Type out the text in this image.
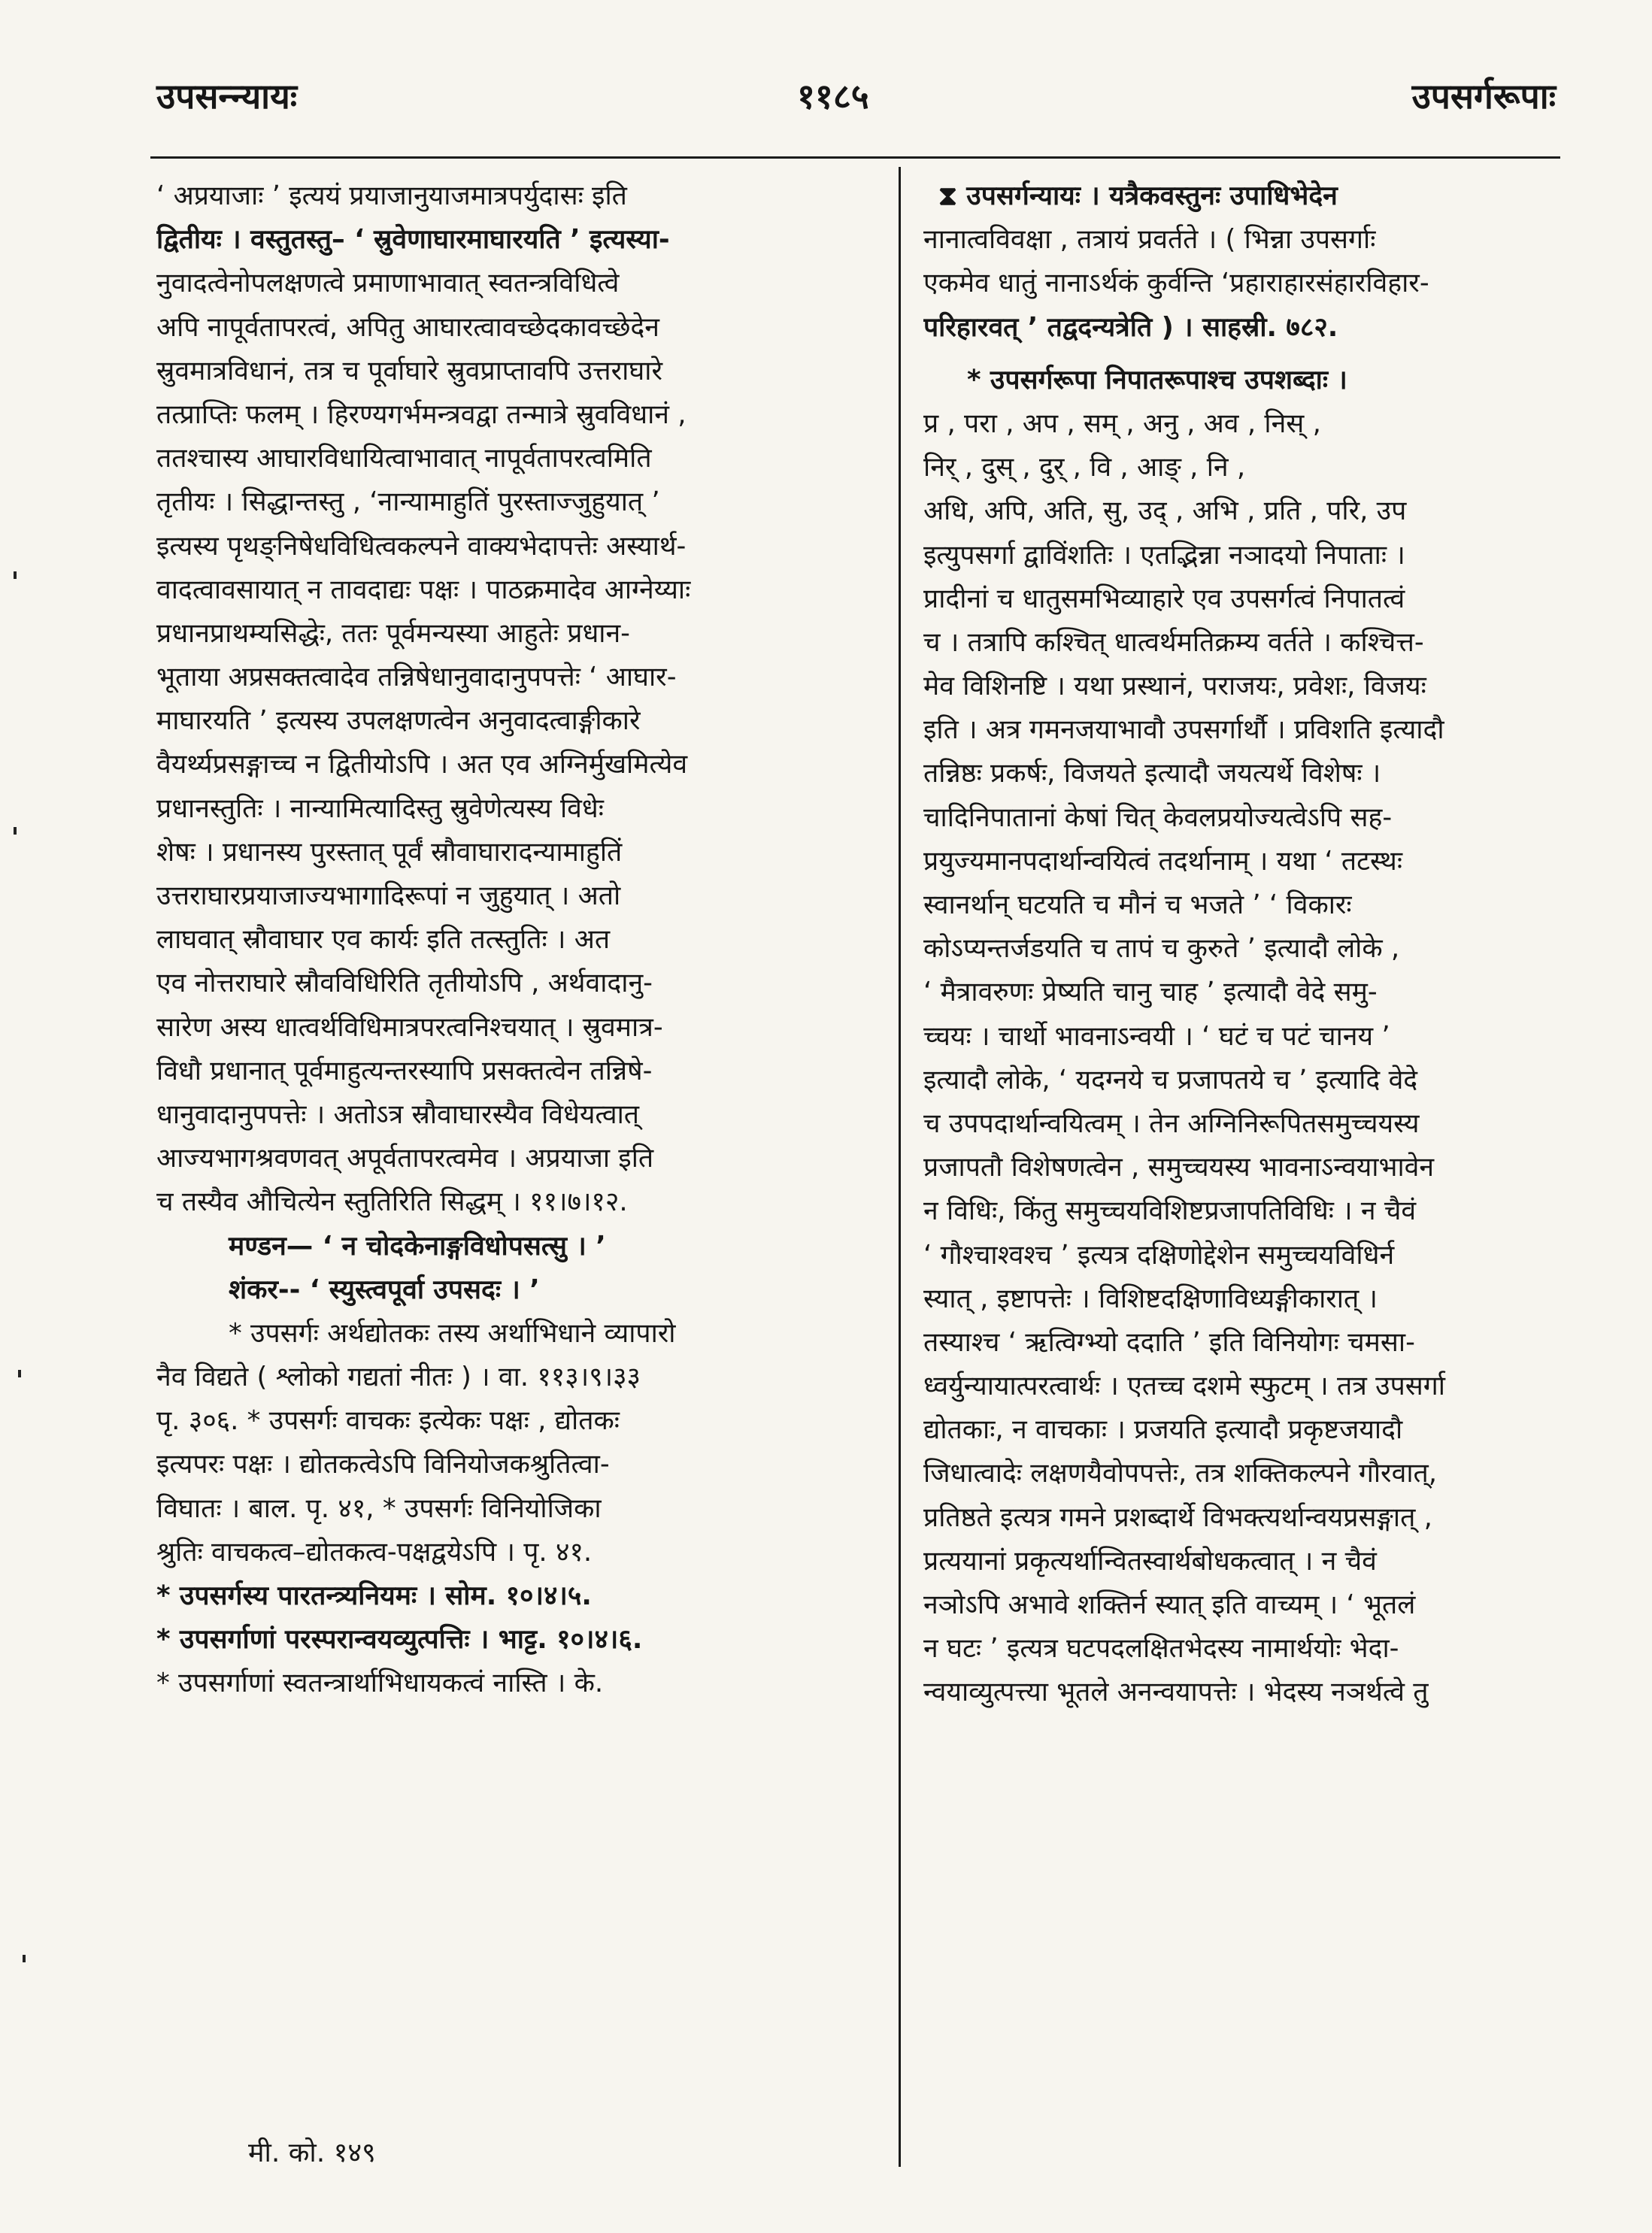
उपसन्न्यायः	११८५	उपसर्गरूपाः
‘ अप्रयाजाः ’ इत्ययं प्रयाजानुयाजमात्रपर्युदासः इति
द्वितीयः । वस्तुतस्तु– ‘ स्रुवेणाघारमाघारयति ’ इत्यस्या-
नुवादत्वेनोपलक्षणत्वे प्रमाणाभावात् स्वतन्त्रविधित्वे
अपि नापूर्वतापरत्वं, अपितु आघारत्वावच्छेदकावच्छेदेन
स्रुवमात्रविधानं, तत्र च पूर्वाघारे स्रुवप्राप्तावपि उत्तराघारे
तत्प्राप्तिः फलम् । हिरण्यगर्भमन्त्रवद्वा तन्मात्रे स्रुवविधानं ,
ततश्चास्य आघारविधायित्वाभावात् नापूर्वतापरत्वमिति
तृतीयः । सिद्धान्तस्तु , ‘नान्यामाहुतिं पुरस्ताज्जुहुयात् ’
इत्यस्य पृथङ्निषेधविधित्वकल्पने वाक्यभेदापत्तेः अस्यार्थ-
वादत्वावसायात् न तावदाद्यः पक्षः । पाठक्रमादेव आग्नेय्याः
प्रधानप्राथम्यसिद्धेः, ततः पूर्वमन्यस्या आहुतेः प्रधान-
भूताया अप्रसक्तत्वादेव तन्निषेधानुवादानुपपत्तेः ‘ आघार-
माघारयति ’ इत्यस्य उपलक्षणत्वेन अनुवादत्वाङ्गीकारे
वैयर्थ्यप्रसङ्गाच्च न द्वितीयोऽपि । अत एव अग्निर्मुखमित्येव
प्रधानस्तुतिः । नान्यामित्यादिस्तु स्रुवेणेत्यस्य विधेः
शेषः । प्रधानस्य पुरस्तात् पूर्वं स्रौवाघारादन्यामाहुतिं
उत्तराघारप्रयाजाज्यभागादिरूपां न जुहुयात् । अतो
लाघवात् स्रौवाघार एव कार्यः इति तत्स्तुतिः । अत
एव नोत्तराघारे स्रौवविधिरिति तृतीयोऽपि , अर्थवादानु-
सारेण अस्य धात्वर्थविधिमात्रपरत्वनिश्चयात् । स्रुवमात्र-
विधौ प्रधानात् पूर्वमाहुत्यन्तरस्यापि प्रसक्तत्वेन तन्निषे-
धानुवादानुपपत्तेः । अतोऽत्र स्रौवाघारस्यैव विधेयत्वात्
आज्यभागश्रवणवत् अपूर्वतापरत्वमेव । अप्रयाजा इति
च तस्यैव औचित्येन स्तुतिरिति सिद्धम् । ११।७।१२.
मण्डन— ‘ न चोदकेनाङ्गविधोपसत्सु । ’
शंकर-- ‘ स्युस्त्वपूर्वा उपसदः । ’
* उपसर्गः अर्थद्योतकः तस्य अर्थाभिधाने व्यापारो
नैव विद्यते ( श्लोको गद्यतां नीतः ) । वा. ११३।९।३३
पृ. ३०६. * उपसर्गः वाचकः इत्येकः पक्षः , द्योतकः
इत्यपरः पक्षः । द्योतकत्वेऽपि विनियोजकश्रुतित्वा-
विघातः । बाल. पृ. ४१, * उपसर्गः विनियोजिका
श्रुतिः वाचकत्व–द्योतकत्व-पक्षद्वयेऽपि । पृ. ४१.
* उपसर्गस्य पारतन्त्र्यनियमः । सोम. १०।४।५.
* उपसर्गाणां परस्परान्वयव्युत्पत्तिः । भाट्ट. १०।४।६.
* उपसर्गाणां स्वतन्त्रार्थाभिधायकत्वं नास्ति । के.
⧗ उपसर्गन्यायः । यत्रैकवस्तुनः उपाधिभेदेन
नानात्वविवक्षा , तत्रायं प्रवर्तते । ( भिन्ना उपसर्गाः
एकमेव धातुं नानाऽर्थकं कुर्वन्ति ‘प्रहाराहारसंहारविहार-
परिहारवत् ’ तद्वदन्यत्रेति ) । साहस्री. ७८२.
* उपसर्गरूपा निपातरूपाश्च उपशब्दाः ।
प्र , परा , अप , सम् , अनु , अव , निस् ,
निर् , दुस् , दुर् , वि , आङ् , नि ,
अधि, अपि, अति, सु, उद् , अभि , प्रति , परि, उप
इत्युपसर्गा द्वाविंशतिः । एतद्भिन्ना नञादयो निपाताः ।
प्रादीनां च धातुसमभिव्याहारे एव उपसर्गत्वं निपातत्वं
च । तत्रापि कश्चित् धात्वर्थमतिक्रम्य वर्तते । कश्चित्त-
मेव विशिनष्टि । यथा प्रस्थानं, पराजयः, प्रवेशः, विजयः
इति । अत्र गमनजयाभावौ उपसर्गार्थौ । प्रविशति इत्यादौ
तन्निष्ठः प्रकर्षः, विजयते इत्यादौ जयत्यर्थे विशेषः ।
चादिनिपातानां केषां चित् केवलप्रयोज्यत्वेऽपि सह-
प्रयुज्यमानपदार्थान्वयित्वं तदर्थानाम् । यथा ‘ तटस्थः
स्वानर्थान् घटयति च मौनं च भजते ’ ‘ विकारः
कोऽप्यन्तर्जडयति च तापं च कुरुते ’ इत्यादौ लोके ,
‘ मैत्रावरुणः प्रेष्यति चानु चाह ’ इत्यादौ वेदे समु-
च्चयः । चार्थो भावनाऽन्वयी । ‘ घटं च पटं चानय ’
इत्यादौ लोके, ‘ यदग्नये च प्रजापतये च ’ इत्यादि वेदे
च उपपदार्थान्वयित्वम् । तेन अग्निनिरूपितसमुच्चयस्य
प्रजापतौ विशेषणत्वेन , समुच्चयस्य भावनाऽन्वयाभावेन
न विधिः, किंतु समुच्चयविशिष्टप्रजापतिविधिः । न चैवं
‘ गौश्चाश्वश्च ’ इत्यत्र दक्षिणोद्देशेन समुच्चयविधिर्न
स्यात् , इष्टापत्तेः । विशिष्टदक्षिणाविध्यङ्गीकारात् ।
तस्याश्च ‘ ऋत्विग्भ्यो ददाति ’ इति विनियोगः चमसा-
ध्वर्युन्यायात्परत्वार्थः । एतच्च दशमे स्फुटम् । तत्र उपसर्गा
द्योतकाः, न वाचकाः । प्रजयति इत्यादौ प्रकृष्टजयादौ
जिधात्वादेः लक्षणयैवोपपत्तेः, तत्र शक्तिकल्पने गौरवात्,
प्रतिष्ठते इत्यत्र गमने प्रशब्दार्थे विभक्त्यर्थान्वयप्रसङ्गात् ,
प्रत्ययानां प्रकृत्यर्थान्वितस्वार्थबोधकत्वात् । न चैवं
नञोऽपि अभावे शक्तिर्न स्यात् इति वाच्यम् । ‘ भूतलं
न घटः ’ इत्यत्र घटपदलक्षितभेदस्य नामार्थयोः भेदा-
न्वयाव्युत्पत्त्या भूतले अनन्वयापत्तेः । भेदस्य नञर्थत्वे तु
मी. को. १४९
